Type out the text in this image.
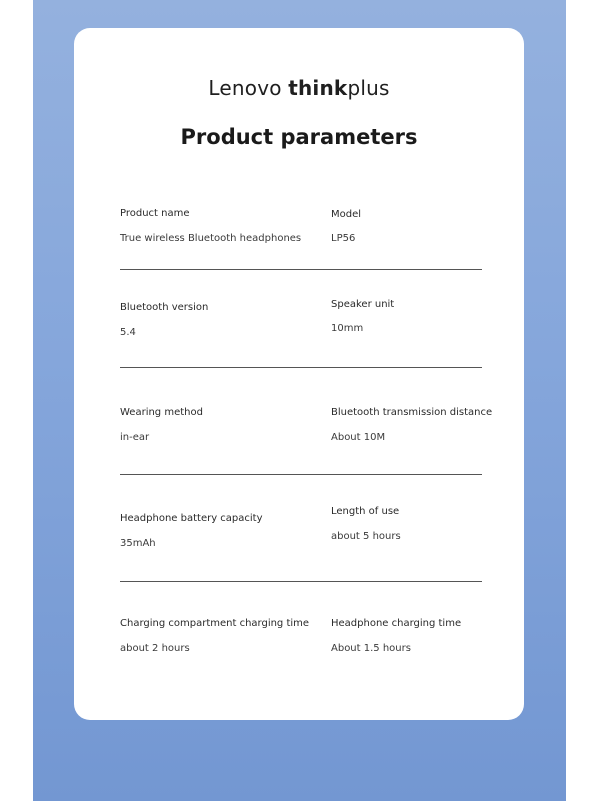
Lenovo thinkplus
Product parameters
Product name
True wireless Bluetooth headphones
Model
LP56
Bluetooth version
5.4
Speaker unit
10mm
Wearing method
in-ear
Bluetooth transmission distance
About 10M
Headphone battery capacity
35mAh
Length of use
about 5 hours
Charging compartment charging time
about 2 hours
Headphone charging time
About 1.5 hours
